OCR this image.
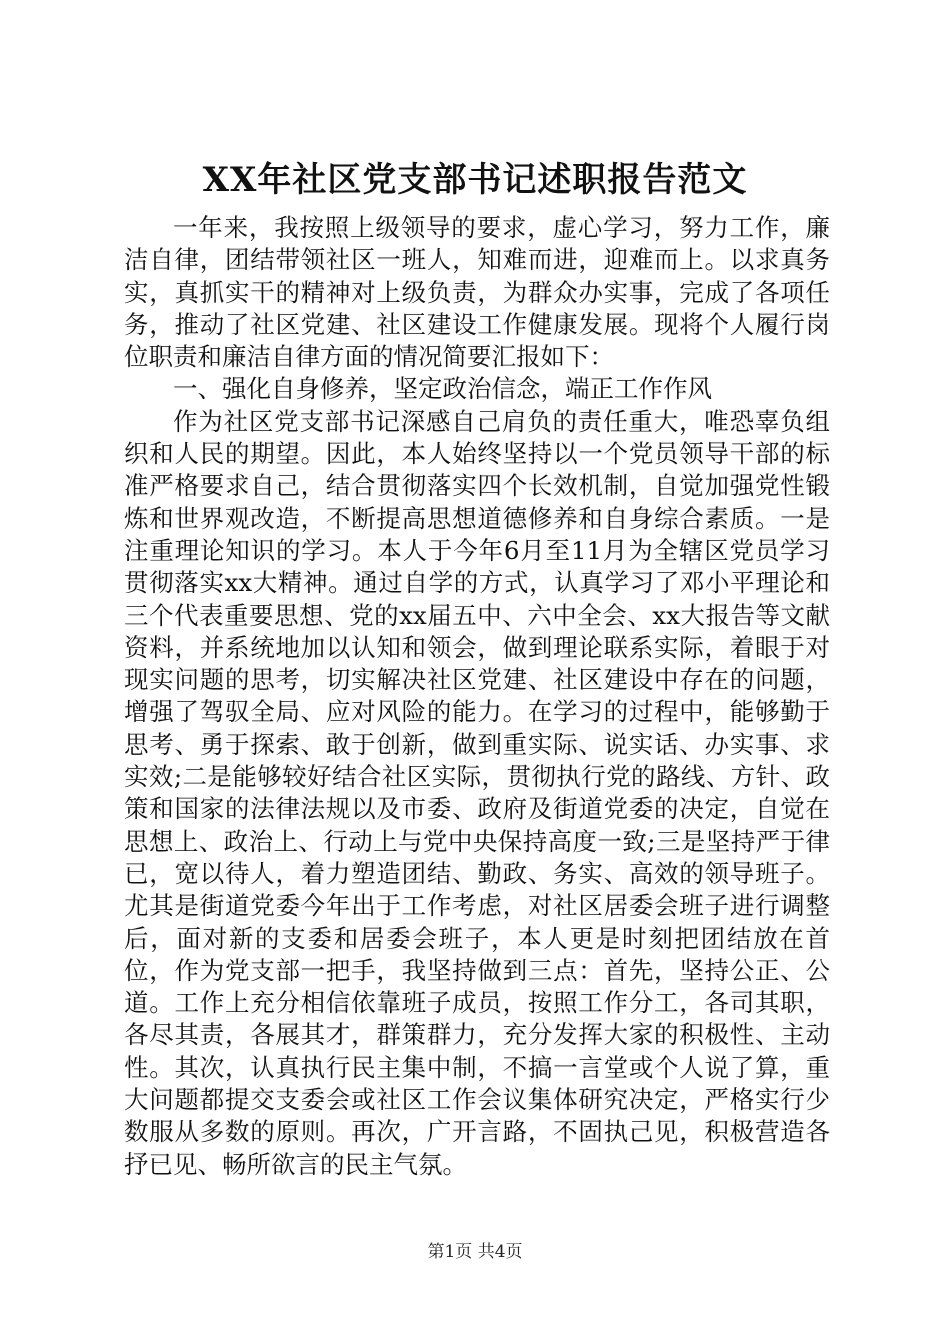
XX年社区党支部书记述职报告范文

一年来，我按照上级领导的要求，虚心学习，努力工作，廉洁自律，团结带领社区一班人，知难而进，迎难而上。以求真务实，真抓实干的精神对上级负责，为群众办实事，完成了各项任务，推动了社区党建、社区建设工作健康发展。现将个人履行岗位职责和廉洁自律方面的情况简要汇报如下：

一、强化自身修养，坚定政治信念，端正工作作风

作为社区党支部书记深感自己肩负的责任重大，唯恐辜负组织和人民的期望。因此，本人始终坚持以一个党员领导干部的标准严格要求自己，结合贯彻落实四个长效机制，自觉加强党性锻炼和世界观改造，不断提高思想道德修养和自身综合素质。一是注重理论知识的学习。本人于今年6月至11月为全辖区党员学习贯彻落实xx大精神。通过自学的方式，认真学习了邓小平理论和三个代表重要思想、党的xx届五中、六中全会、xx大报告等文献资料，并系统地加以认知和领会，做到理论联系实际，着眼于对现实问题的思考，切实解决社区党建、社区建设中存在的问题，增强了驾驭全局、应对风险的能力。在学习的过程中，能够勤于思考、勇于探索、敢于创新，做到重实际、说实话、办实事、求实效;二是能够较好结合社区实际，贯彻执行党的路线、方针、政策和国家的法律法规以及市委、政府及街道党委的决定，自觉在思想上、政治上、行动上与党中央保持高度一致;三是坚持严于律已，宽以待人，着力塑造团结、勤政、务实、高效的领导班子。尤其是街道党委今年出于工作考虑，对社区居委会班子进行调整后，面对新的支委和居委会班子，本人更是时刻把团结放在首位，作为党支部一把手，我坚持做到三点：首先，坚持公正、公道。工作上充分相信依靠班子成员，按照工作分工，各司其职，各尽其责，各展其才，群策群力，充分发挥大家的积极性、主动性。其次，认真执行民主集中制，不搞一言堂或个人说了算，重大问题都提交支委会或社区工作会议集体研究决定，严格实行少数服从多数的原则。再次，广开言路，不固执己见，积极营造各抒已见、畅所欲言的民主气氛。

第1页 共4页
